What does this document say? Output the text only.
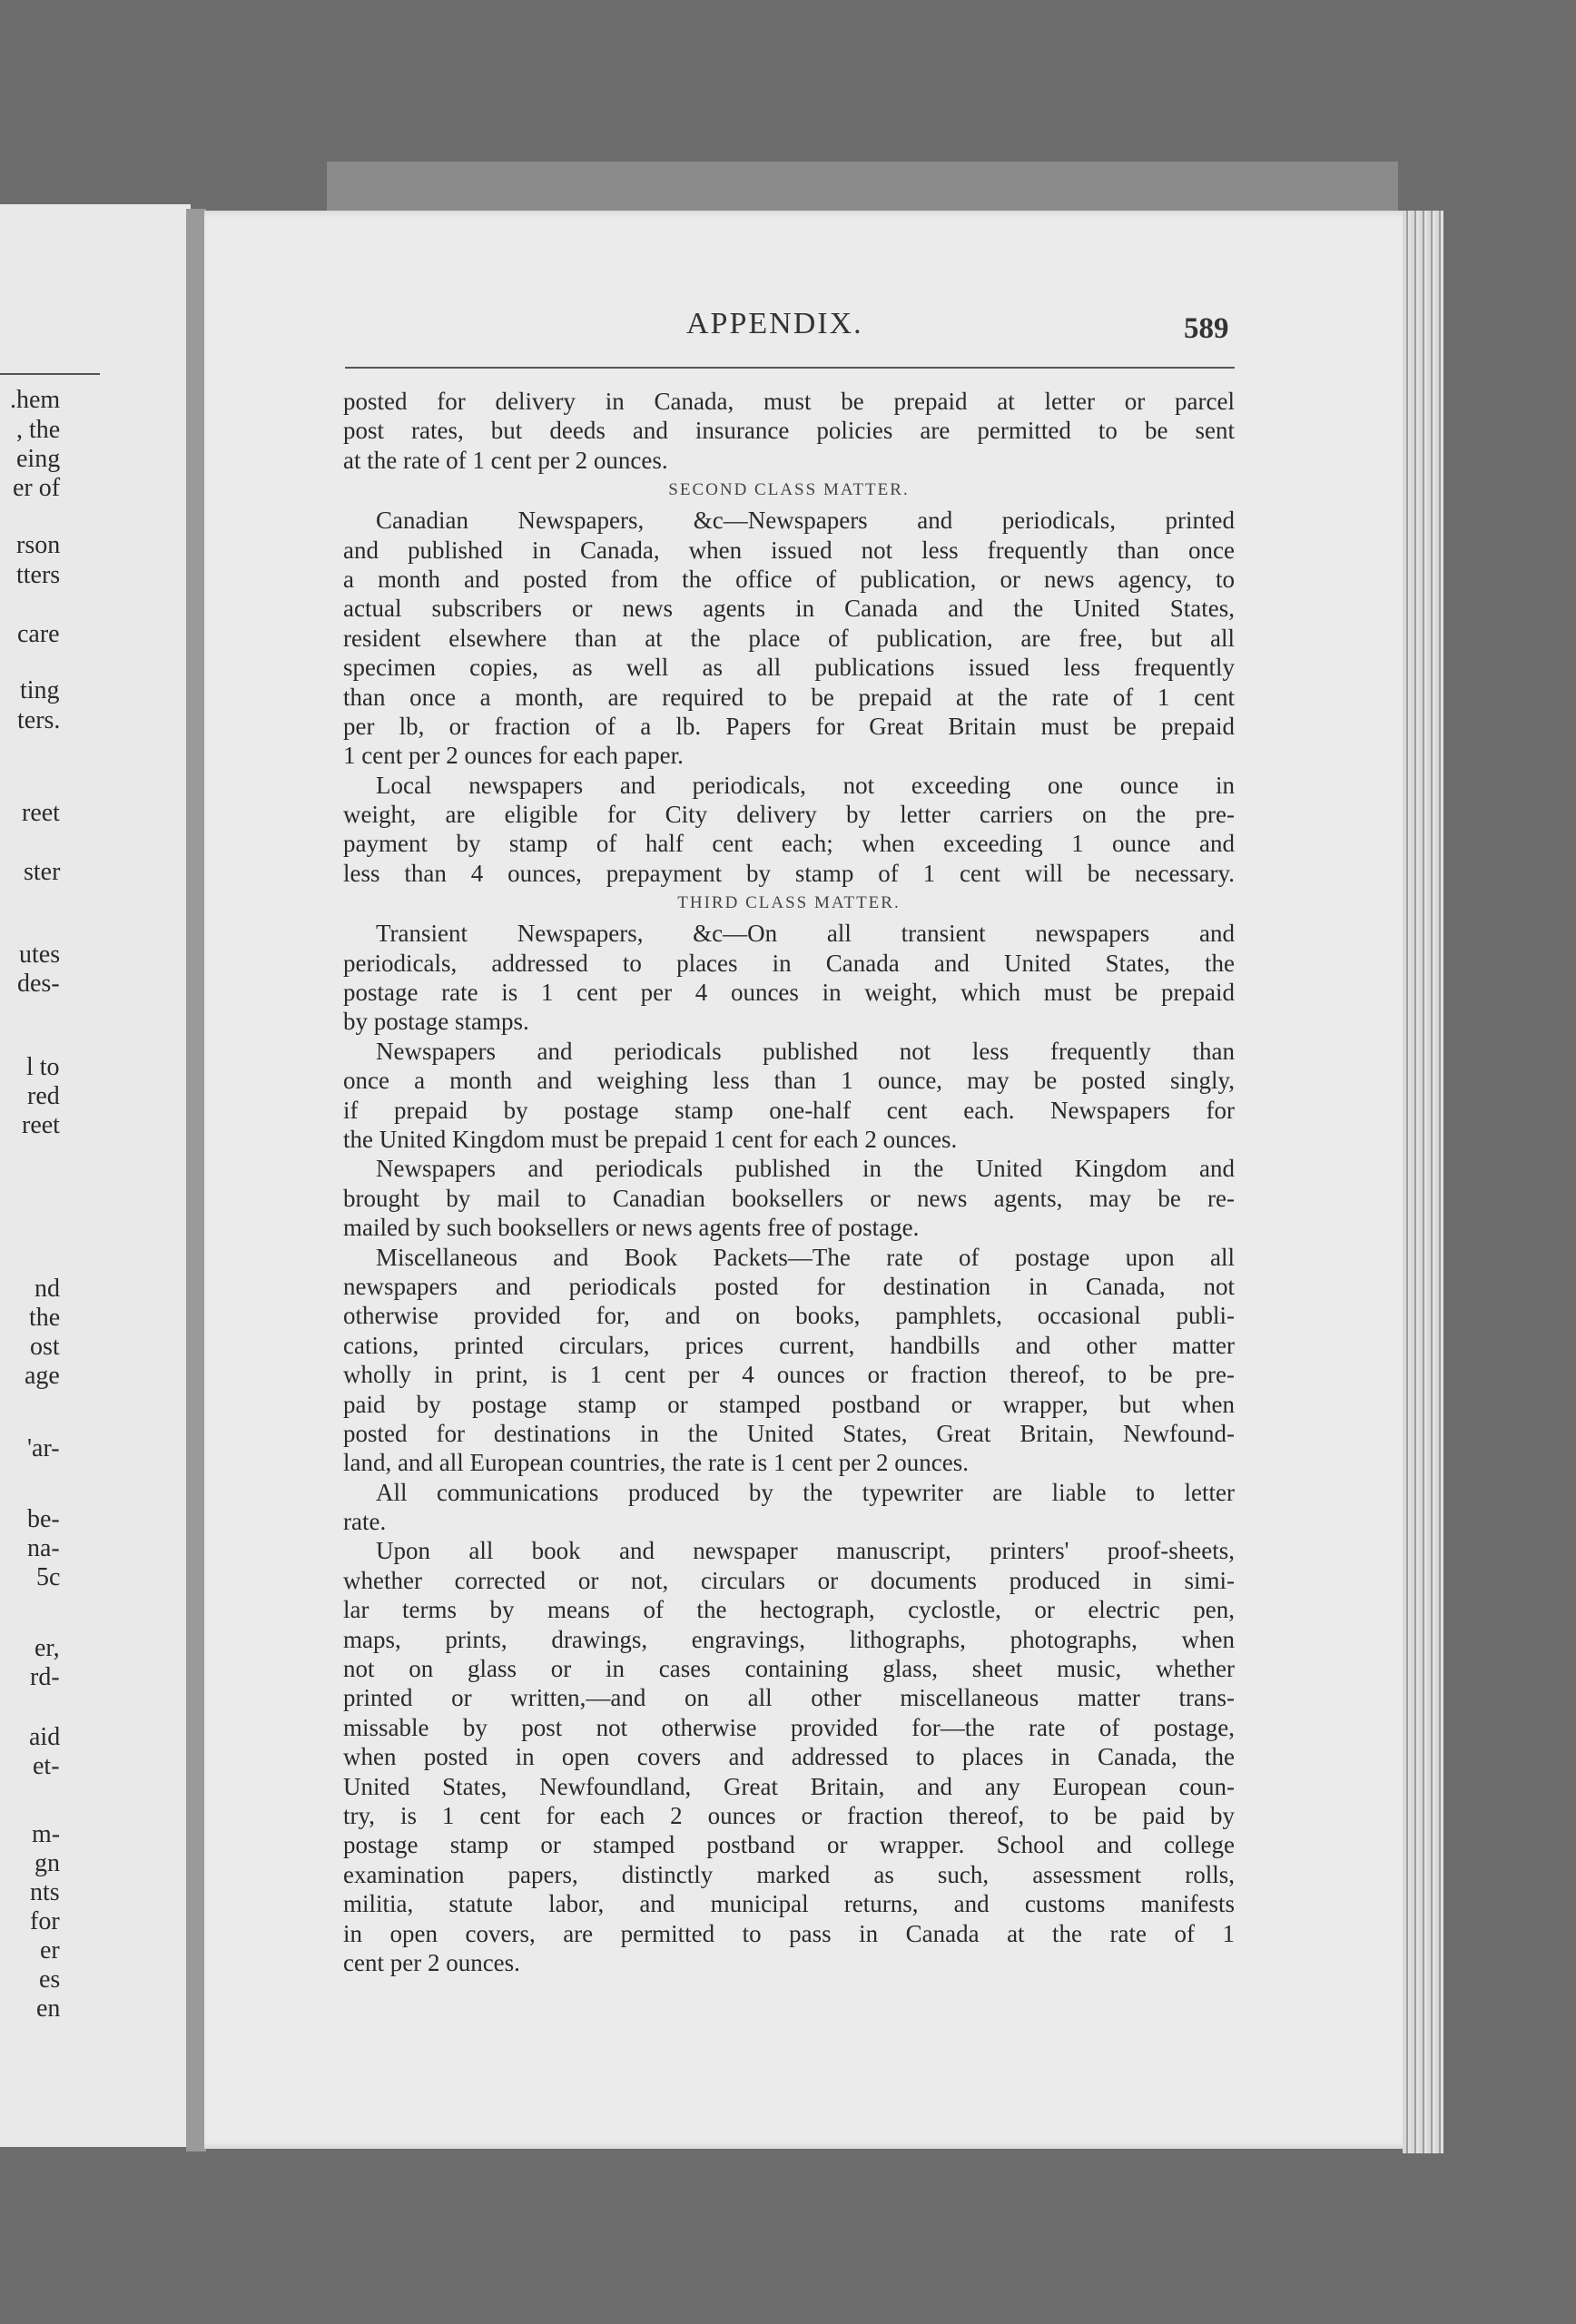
.hem
, the
eing
er of
rson
tters
care
ting
ters.
reet
ster
utes
des-
l to
red
reet
nd
the
ost
age
'ar-
be-
na-
5c
er,
rd-
aid
et-
m-
gn
nts
for
er
es
en
APPENDIX.	589
posted for delivery in Canada, must be prepaid at letter or parcel
post rates, but deeds and insurance policies are permitted to be sent
at the rate of 1 cent per 2 ounces.
SECOND CLASS MATTER.
Canadian Newspapers, &c—Newspapers and periodicals, printed
and published in Canada, when issued not less frequently than once
a month and posted from the office of publication, or news agency, to
actual subscribers or news agents in Canada and the United States,
resident elsewhere than at the place of publication, are free, but all
specimen copies, as well as all publications issued less frequently
than once a month, are required to be prepaid at the rate of 1 cent
per lb, or fraction of a lb. Papers for Great Britain must be prepaid
1 cent per 2 ounces for each paper.
Local newspapers and periodicals, not exceeding one ounce in
weight, are eligible for City delivery by letter carriers on the pre-
payment by stamp of half cent each; when exceeding 1 ounce and
less than 4 ounces, prepayment by stamp of 1 cent will be necessary.
THIRD CLASS MATTER.
Transient Newspapers, &c—On all transient newspapers and
periodicals, addressed to places in Canada and United States, the
postage rate is 1 cent per 4 ounces in weight, which must be prepaid
by postage stamps.
Newspapers and periodicals published not less frequently than
once a month and weighing less than 1 ounce, may be posted singly,
if prepaid by postage stamp one-half cent each. Newspapers for
the United Kingdom must be prepaid 1 cent for each 2 ounces.
Newspapers and periodicals published in the United Kingdom and
brought by mail to Canadian booksellers or news agents, may be re-
mailed by such booksellers or news agents free of postage.
Miscellaneous and Book Packets—The rate of postage upon all
newspapers and periodicals posted for destination in Canada, not
otherwise provided for, and on books, pamphlets, occasional publi-
cations, printed circulars, prices current, handbills and other matter
wholly in print, is 1 cent per 4 ounces or fraction thereof, to be pre-
paid by postage stamp or stamped postband or wrapper, but when
posted for destinations in the United States, Great Britain, Newfound-
land, and all European countries, the rate is 1 cent per 2 ounces.
All communications produced by the typewriter are liable to letter
rate.
Upon all book and newspaper manuscript, printers' proof-sheets,
whether corrected or not, circulars or documents produced in simi-
lar terms by means of the hectograph, cyclostle, or electric pen,
maps, prints, drawings, engravings, lithographs, photographs, when
not on glass or in cases containing glass, sheet music, whether
printed or written,—and on all other miscellaneous matter trans-
missable by post not otherwise provided for—the rate of postage,
when posted in open covers and addressed to places in Canada, the
United States, Newfoundland, Great Britain, and any European coun-
try, is 1 cent for each 2 ounces or fraction thereof, to be paid by
postage stamp or stamped postband or wrapper. School and college
examination papers, distinctly marked as such, assessment rolls,
militia, statute labor, and municipal returns, and customs manifests
in open covers, are permitted to pass in Canada at the rate of 1
cent per 2 ounces.
